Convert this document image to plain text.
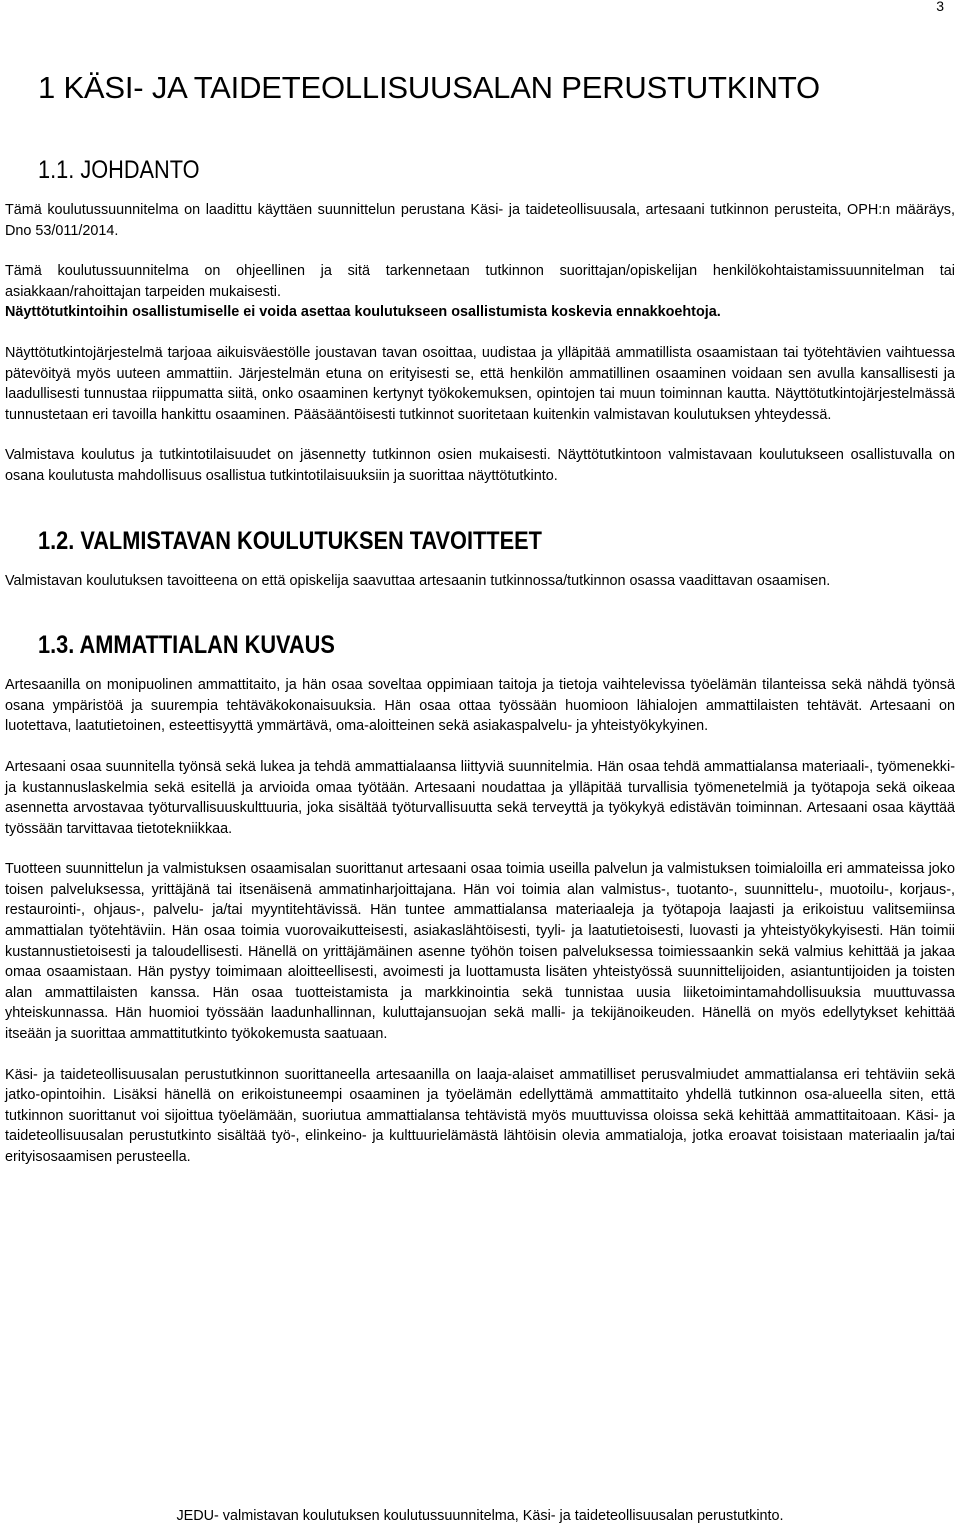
3
1 KÄSI- JA TAIDETEOLLISUUSALAN PERUSTUTKINTO
1.1. JOHDANTO

Tämä koulutussuunnitelma on laadittu käyttäen suunnittelun perustana Käsi- ja taideteollisuusala, artesaani tutkinnon perusteita, OPH:n määräys, Dno 53/011/2014.

Tämä koulutussuunnitelma on ohjeellinen ja sitä tarkennetaan tutkinnon suorittajan/opiskelijan henkilökohtaistamissuunnitelman tai asiakkaan/rahoittajan tarpeiden mukaisesti.

Näyttötutkintoihin osallistumiselle ei voida asettaa koulutukseen osallistumista koskevia ennakkoehtoja.

Näyttötutkintojärjestelmä tarjoaa aikuisväestölle joustavan tavan osoittaa, uudistaa ja ylläpitää ammatillista osaamistaan tai työtehtävien vaihtuessa pätevöityä myös uuteen ammattiin. Järjestelmän etuna on erityisesti se, että henkilön ammatillinen osaaminen voidaan sen avulla kansallisesti ja laadullisesti tunnustaa riippumatta siitä, onko osaaminen kertynyt työkokemuksen, opintojen tai muun toiminnan kautta. Näyttötutkintojärjestelmässä tunnustetaan eri tavoilla hankittu osaaminen. Pääsääntöisesti tutkinnot suoritetaan kuitenkin valmistavan koulutuksen yhteydessä.

Valmistava koulutus ja tutkintotilaisuudet on jäsennetty tutkinnon osien mukaisesti. Näyttötutkintoon valmistavaan koulutukseen osallistuvalla on osana koulutusta mahdollisuus osallistua tutkintotilaisuuksiin ja suorittaa näyttötutkinto.

1.2. VALMISTAVAN KOULUTUKSEN TAVOITTEET

Valmistavan koulutuksen tavoitteena on että opiskelija saavuttaa artesaanin tutkinnossa/tutkinnon osassa vaadittavan osaamisen.

1.3. AMMATTIALAN KUVAUS

Artesaanilla on monipuolinen ammattitaito, ja hän osaa soveltaa oppimiaan taitoja ja tietoja vaihtelevissa työelämän tilanteissa sekä nähdä työnsä osana ympäristöä ja suurempia tehtäväkokonaisuuksia. Hän osaa ottaa työssään huomioon lähialojen ammattilaisten tehtävät. Artesaani on luotettava, laatutietoinen, esteettisyyttä ymmärtävä, oma-aloitteinen sekä asiakaspalvelu- ja yhteistyökykyinen.

Artesaani osaa suunnitella työnsä sekä lukea ja tehdä ammattialaansa liittyviä suunnitelmia. Hän osaa tehdä ammattialansa materiaali-, työmenekki- ja kustannuslaskelmia sekä esitellä ja arvioida omaa työtään. Artesaani noudattaa ja ylläpitää turvallisia työmenetelmiä ja työtapoja sekä oikeaa asennetta arvostavaa työturvallisuuskulttuuria, joka sisältää työturvallisuutta sekä terveyttä ja työkykyä edistävän toiminnan. Artesaani osaa käyttää työssään tarvittavaa tietotekniikkaa.

Tuotteen suunnittelun ja valmistuksen osaamisalan suorittanut artesaani osaa toimia useilla palvelun ja valmistuksen toimialoilla eri ammateissa joko toisen palveluksessa, yrittäjänä tai itsenäisenä ammatinharjoittajana. Hän voi toimia alan valmistus-, tuotanto-, suunnittelu-, muotoilu-, korjaus-, restaurointi-, ohjaus-, palvelu- ja/tai myyntitehtävissä. Hän tuntee ammattialansa materiaaleja ja työtapoja laajasti ja erikoistuu valitsemiinsa ammattialan työtehtäviin. Hän osaa toimia vuorovaikutteisesti, asiakaslähtöisesti, tyyli- ja laatutietoisesti, luovasti ja yhteistyökykyisesti. Hän toimii kustannustietoisesti ja taloudellisesti. Hänellä on yrittäjämäinen asenne työhön toisen palveluksessa toimiessaankin sekä valmius kehittää ja jakaa omaa osaamistaan. Hän pystyy toimimaan aloitteellisesti, avoimesti ja luottamusta lisäten yhteistyössä suunnittelijoiden, asiantuntijoiden ja toisten alan ammattilaisten kanssa. Hän osaa tuotteistamista ja markkinointia sekä tunnistaa uusia liiketoimintamahdollisuuksia muuttuvassa yhteiskunnassa. Hän huomioi työssään laadunhallinnan, kuluttajansuojan sekä malli- ja tekijänoikeuden. Hänellä on myös edellytykset kehittää itseään ja suorittaa ammattitutkinto työkokemusta saatuaan.

Käsi- ja taideteollisuusalan perustutkinnon suorittaneella artesaanilla on laaja-alaiset ammatilliset perusvalmiudet ammattialansa eri tehtäviin sekä jatko-opintoihin. Lisäksi hänellä on erikoistuneempi osaaminen ja työelämän edellyttämä ammattitaito yhdellä tutkinnon osa-alueella siten, että tutkinnon suorittanut voi sijoittua työelämään, suoriutua ammattialansa tehtävistä myös muuttuvissa oloissa sekä kehittää ammattitaitoaan. Käsi- ja taideteollisuusalan perustutkinto sisältää työ-, elinkeino- ja kulttuurielämästä lähtöisin olevia ammatialoja, jotka eroavat toisistaan materiaalin ja/tai erityisosaamisen perusteella.

JEDU- valmistavan koulutuksen koulutussuunnitelma, Käsi- ja taideteollisuusalan perustutkinto.
